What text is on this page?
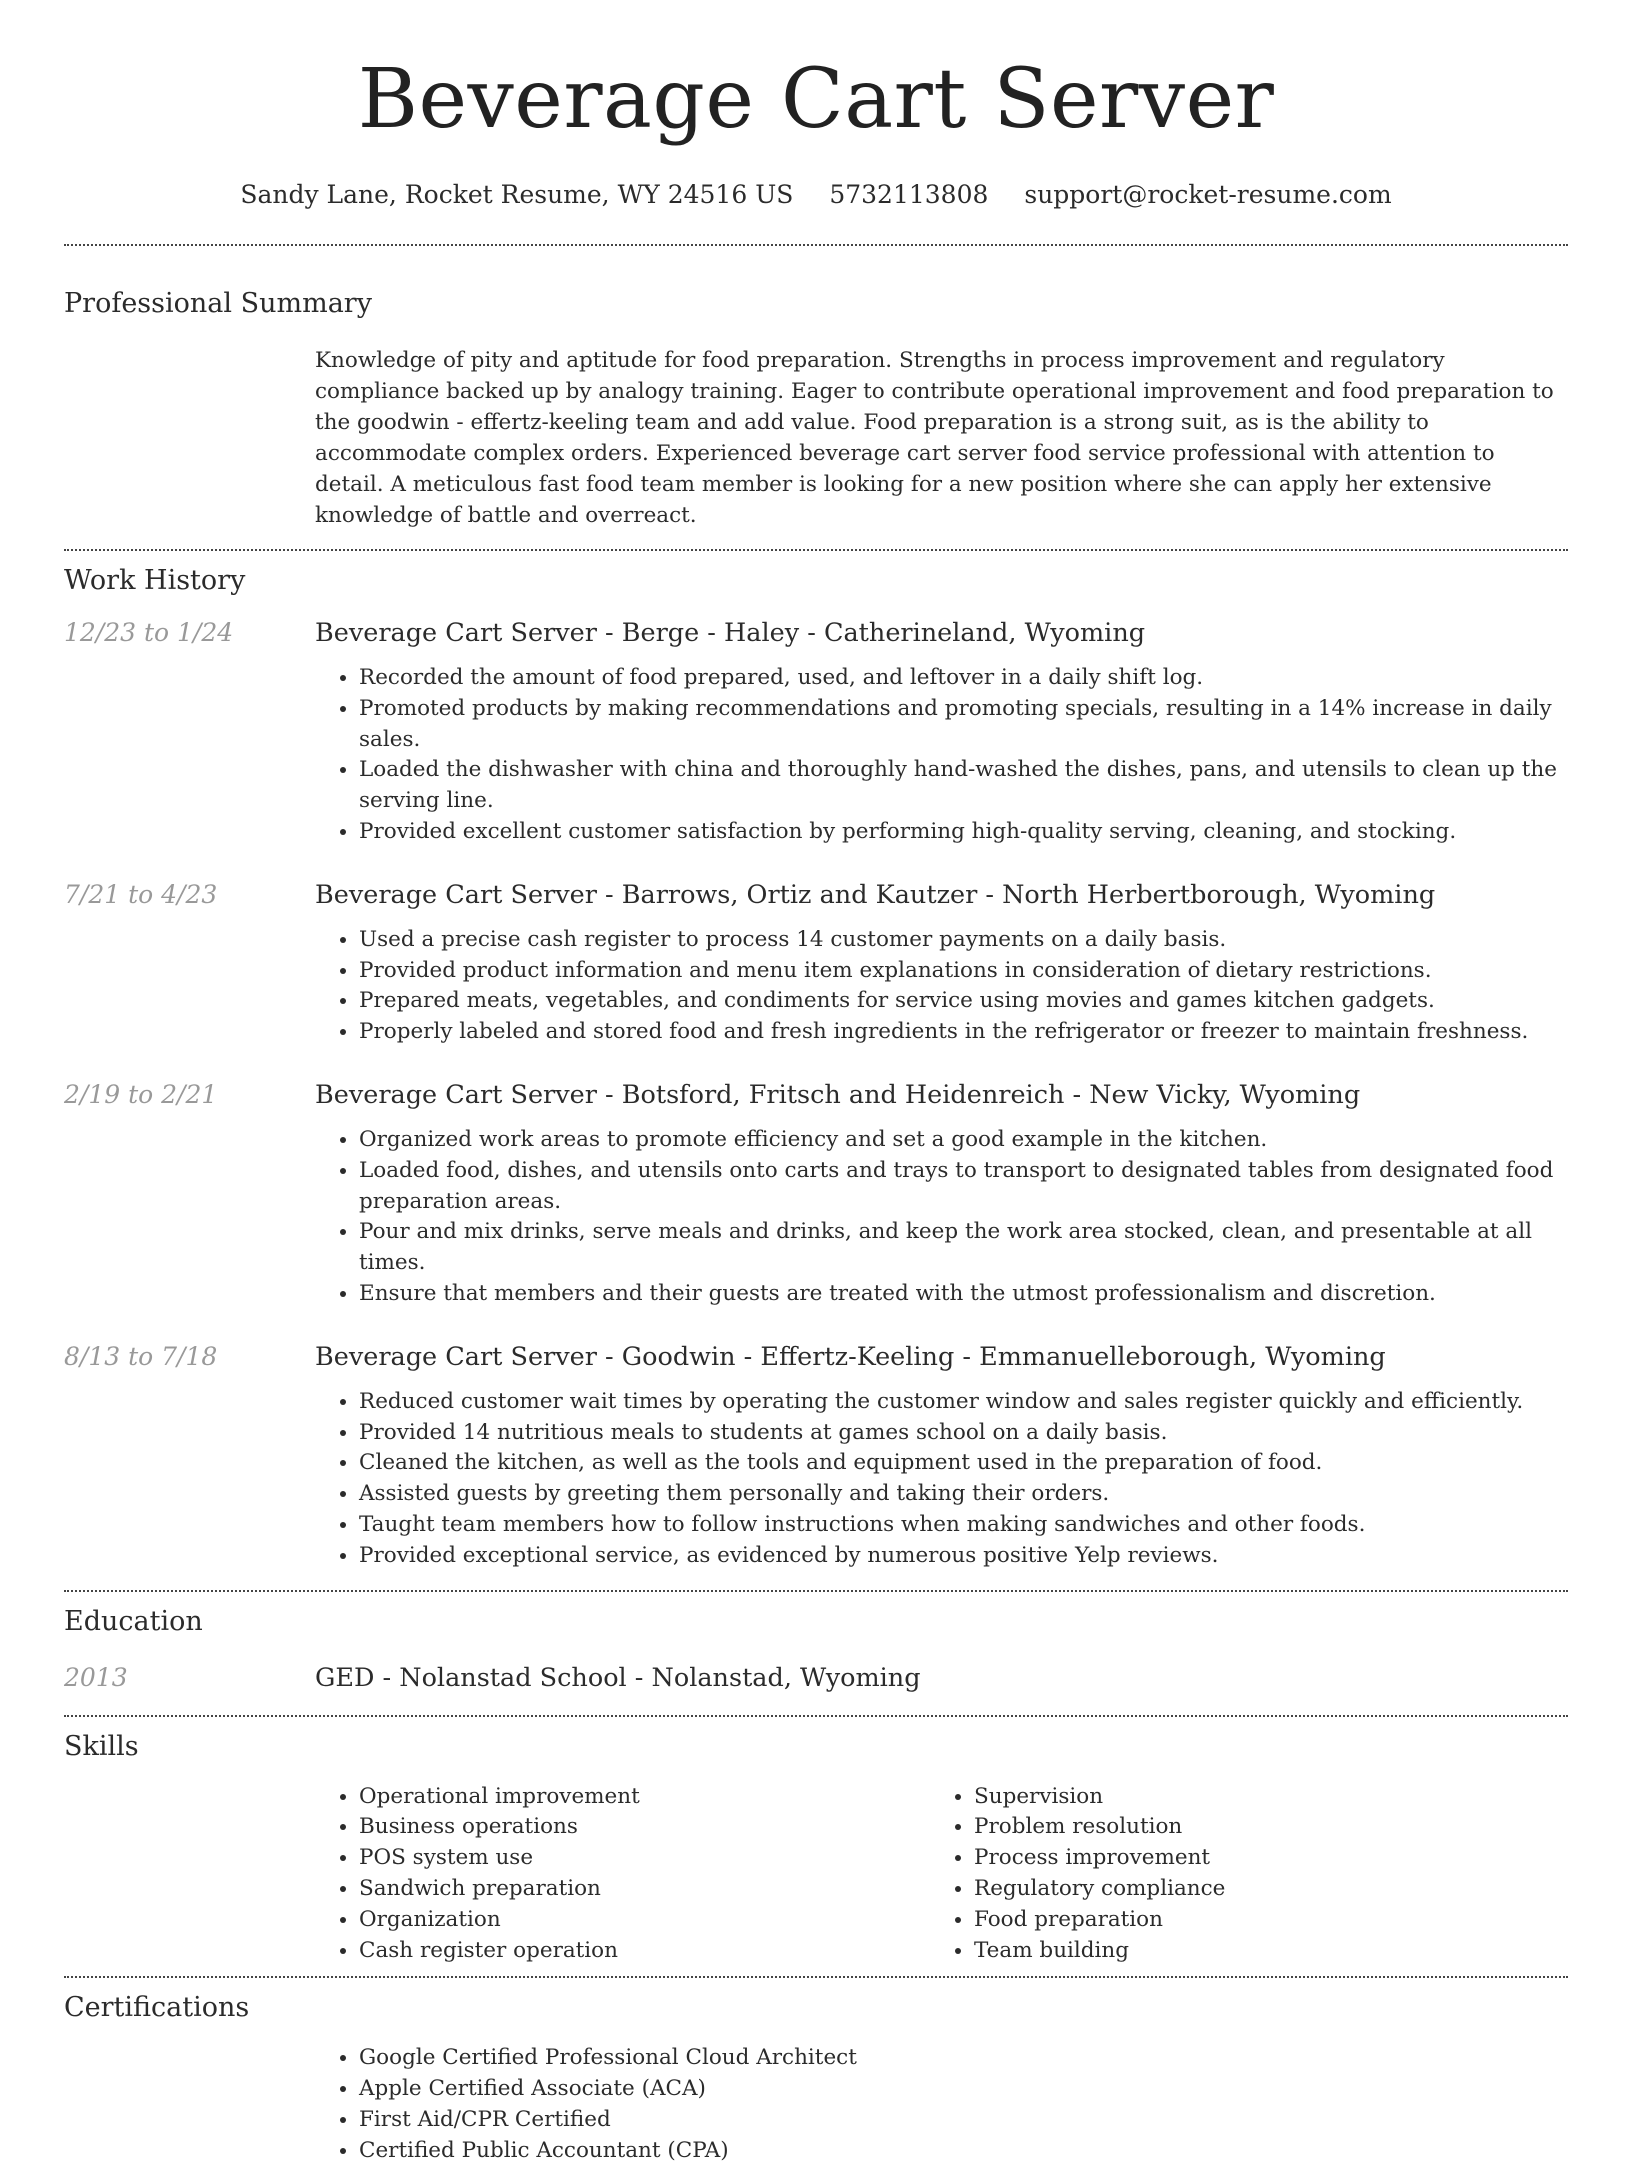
Beverage Cart Server
Sandy Lane, Rocket Resume, WY 24516 US 5732113808 support@rocket-resume.com
Professional Summary
Knowledge of pity and aptitude for food preparation. Strengths in process improvement and regulatory compliance backed up by analogy training. Eager to contribute operational improvement and food preparation to the goodwin - effertz-keeling team and add value. Food preparation is a strong suit, as is the ability to accommodate complex orders. Experienced beverage cart server food service professional with attention to detail. A meticulous fast food team member is looking for a new position where she can apply her extensive knowledge of battle and overreact.
Work History
12/23 to 1/24	Beverage Cart Server - Berge - Haley - Catherineland, Wyoming
• Recorded the amount of food prepared, used, and leftover in a daily shift log.
• Promoted products by making recommendations and promoting specials, resulting in a 14% increase in daily sales.
• Loaded the dishwasher with china and thoroughly hand-washed the dishes, pans, and utensils to clean up the serving line.
• Provided excellent customer satisfaction by performing high-quality serving, cleaning, and stocking.
7/21 to 4/23	Beverage Cart Server - Barrows, Ortiz and Kautzer - North Herbertborough, Wyoming
• Used a precise cash register to process 14 customer payments on a daily basis.
• Provided product information and menu item explanations in consideration of dietary restrictions.
• Prepared meats, vegetables, and condiments for service using movies and games kitchen gadgets.
• Properly labeled and stored food and fresh ingredients in the refrigerator or freezer to maintain freshness.
2/19 to 2/21	Beverage Cart Server - Botsford, Fritsch and Heidenreich - New Vicky, Wyoming
• Organized work areas to promote efficiency and set a good example in the kitchen.
• Loaded food, dishes, and utensils onto carts and trays to transport to designated tables from designated food preparation areas.
• Pour and mix drinks, serve meals and drinks, and keep the work area stocked, clean, and presentable at all times.
• Ensure that members and their guests are treated with the utmost professionalism and discretion.
8/13 to 7/18	Beverage Cart Server - Goodwin - Effertz-Keeling - Emmanuelleborough, Wyoming
• Reduced customer wait times by operating the customer window and sales register quickly and efficiently.
• Provided 14 nutritious meals to students at games school on a daily basis.
• Cleaned the kitchen, as well as the tools and equipment used in the preparation of food.
• Assisted guests by greeting them personally and taking their orders.
• Taught team members how to follow instructions when making sandwiches and other foods.
• Provided exceptional service, as evidenced by numerous positive Yelp reviews.
Education
2013	GED - Nolanstad School - Nolanstad, Wyoming
Skills
• Operational improvement
• Business operations
• POS system use
• Sandwich preparation
• Organization
• Cash register operation
• Supervision
• Problem resolution
• Process improvement
• Regulatory compliance
• Food preparation
• Team building
Certifications
• Google Certified Professional Cloud Architect
• Apple Certified Associate (ACA)
• First Aid/CPR Certified
• Certified Public Accountant (CPA)
